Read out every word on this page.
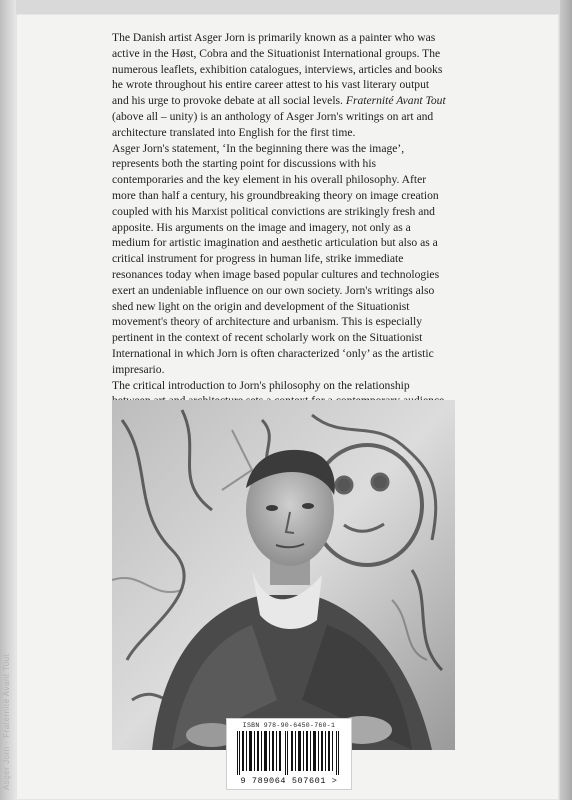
Asger Jorn · Fraternité Avant Tout

The Danish artist Asger Jorn is primarily known as a painter who was active in the Høst, Cobra and the Situationist International groups. The numerous leaflets, exhibition catalogues, interviews, articles and books he wrote throughout his entire career attest to his vast literary output and his urge to provoke debate at all social levels. Fraternité Avant Tout (above all – unity) is an anthology of Asger Jorn's writings on art and architecture translated into English for the first time.

Asger Jorn's statement, ‘In the beginning there was the image’, represents both the starting point for discussions with his contemporaries and the key element in his overall philosophy. After more than half a century, his groundbreaking theory on image creation coupled with his Marxist political convictions are strikingly fresh and apposite. His arguments on the image and imagery, not only as a medium for artistic imagination and aesthetic articulation but also as a critical instrument for progress in human life, strike immediate resonances today when image based popular cultures and technologies exert an undeniable influence on our own society. Jorn's writings also shed new light on the origin and development of the Situationist movement's theory of architecture and urbanism. This is especially pertinent in the context of recent scholarly work on the Situationist International in which Jorn is often characterized ‘only’ as the artistic impresario.

The critical introduction to Jorn's philosophy on the relationship

ISBN 978-90-6450-760-1
9 789064 507601 >
